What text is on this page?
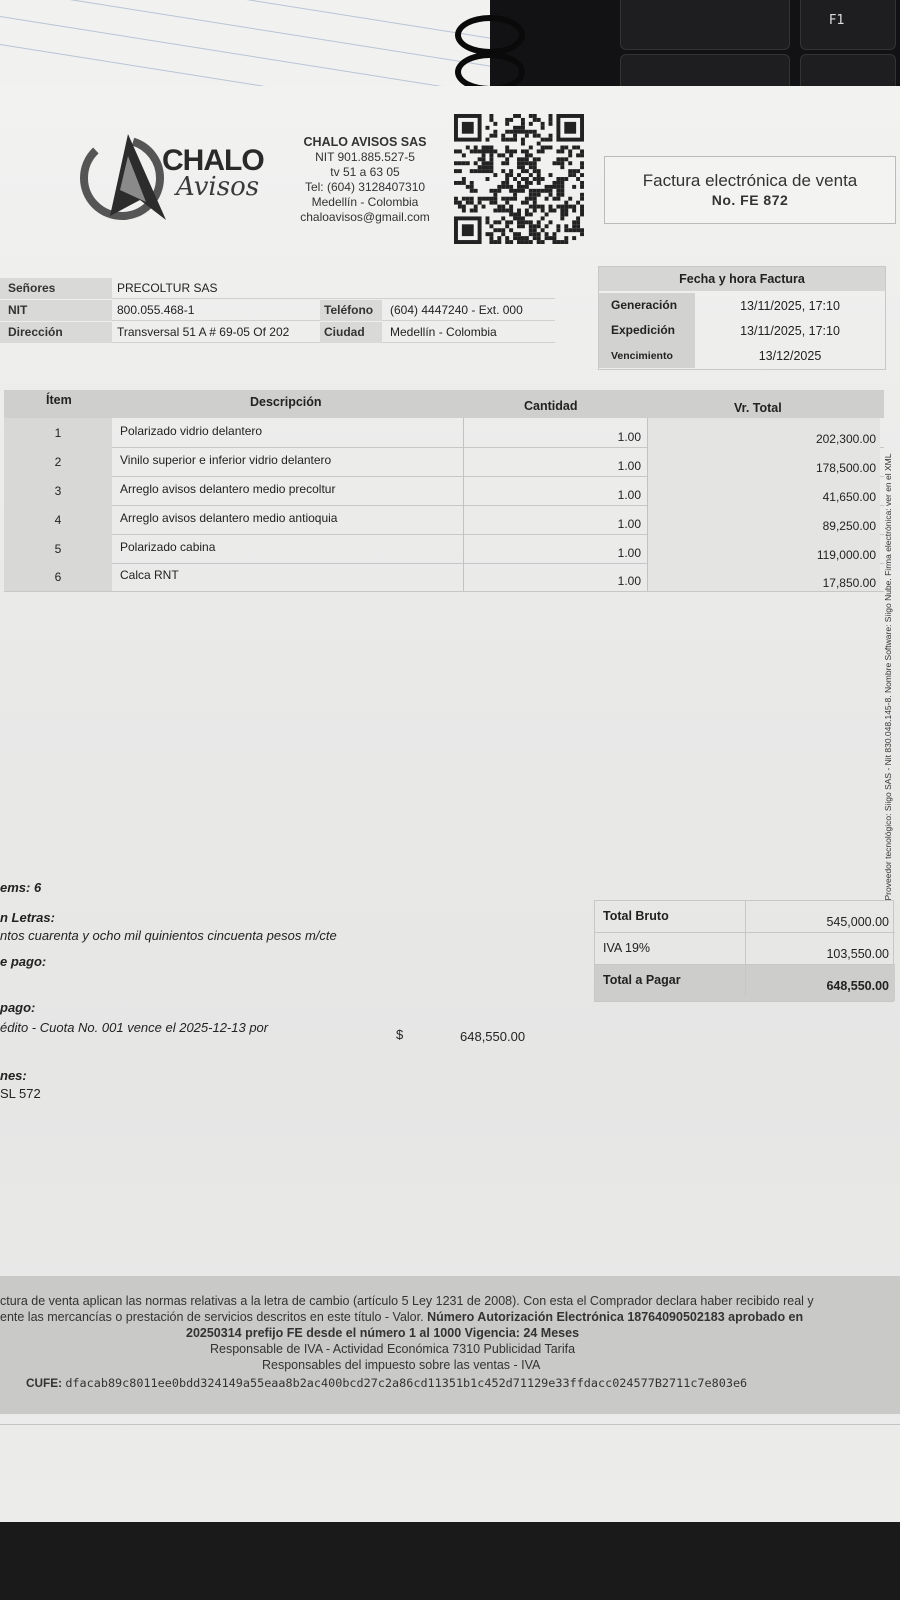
F1
CHALO
Avisos
CHALO AVISOS SAS
NIT 901.885.527-5
tv 51 a 63 05
Tel: (604) 3128407310
Medellín - Colombia
chaloavisos@gmail.com
Factura electrónica de venta
No. FE 872
Señores	PRECOLTUR SAS
NIT	800.055.468-1	Teléfono (604) 4447240 - Ext. 000
Dirección	Transversal 51 A # 69-05 Of 202	Ciudad Medellín - Colombia
Fecha y hora Factura
Generación	13/11/2025, 17:10
Expedición	13/11/2025, 17:10
Vencimiento	13/12/2025
Ítem	Descripción	Cantidad	Vr. Total
1	Polarizado vidrio delantero	1.00	202,300.00
2	Vinilo superior e inferior vidrio delantero	1.00	178,500.00
3	Arreglo avisos delantero medio precoltur	1.00	41,650.00
4	Arreglo avisos delantero medio antioquia	1.00	89,250.00
5	Polarizado cabina	1.00	119,000.00
6	Calca RNT	1.00	17,850.00 Proveedor tecnológico: Siigo SAS - Nit 830.048.145-8. Nombre Software: Siigo Nube. Firma electrónica: ver en el XML
ems: 6
n Letras:
ntos cuarenta y ocho mil quinientos cincuenta pesos m/cte
e pago:
pago:
édito - Cuota No. 001 vence el 2025-12-13 por	$	648,550.00
nes:
SL 572
Total Bruto	545,000.00
IVA 19%	103,550.00
Total a Pagar	648,550.00
ctura de venta aplican las normas relativas a la letra de cambio (artículo 5 Ley 1231 de 2008). Con esta el Comprador declara haber recibido real y
ente las mercancías o prestación de servicios descritos en este título - Valor. Número Autorización Electrónica 18764090502183 aprobado en
20250314 prefijo FE desde el número 1 al 1000 Vigencia: 24 Meses
Responsable de IVA - Actividad Económica 7310 Publicidad Tarifa
Responsables del impuesto sobre las ventas - IVA
CUFE: dfacab89c8011ee0bdd324149a55eaa8b2ac400bcd27c2a86cd11351b1c452d71129e33ffdacc024577B2711c7e803e6
